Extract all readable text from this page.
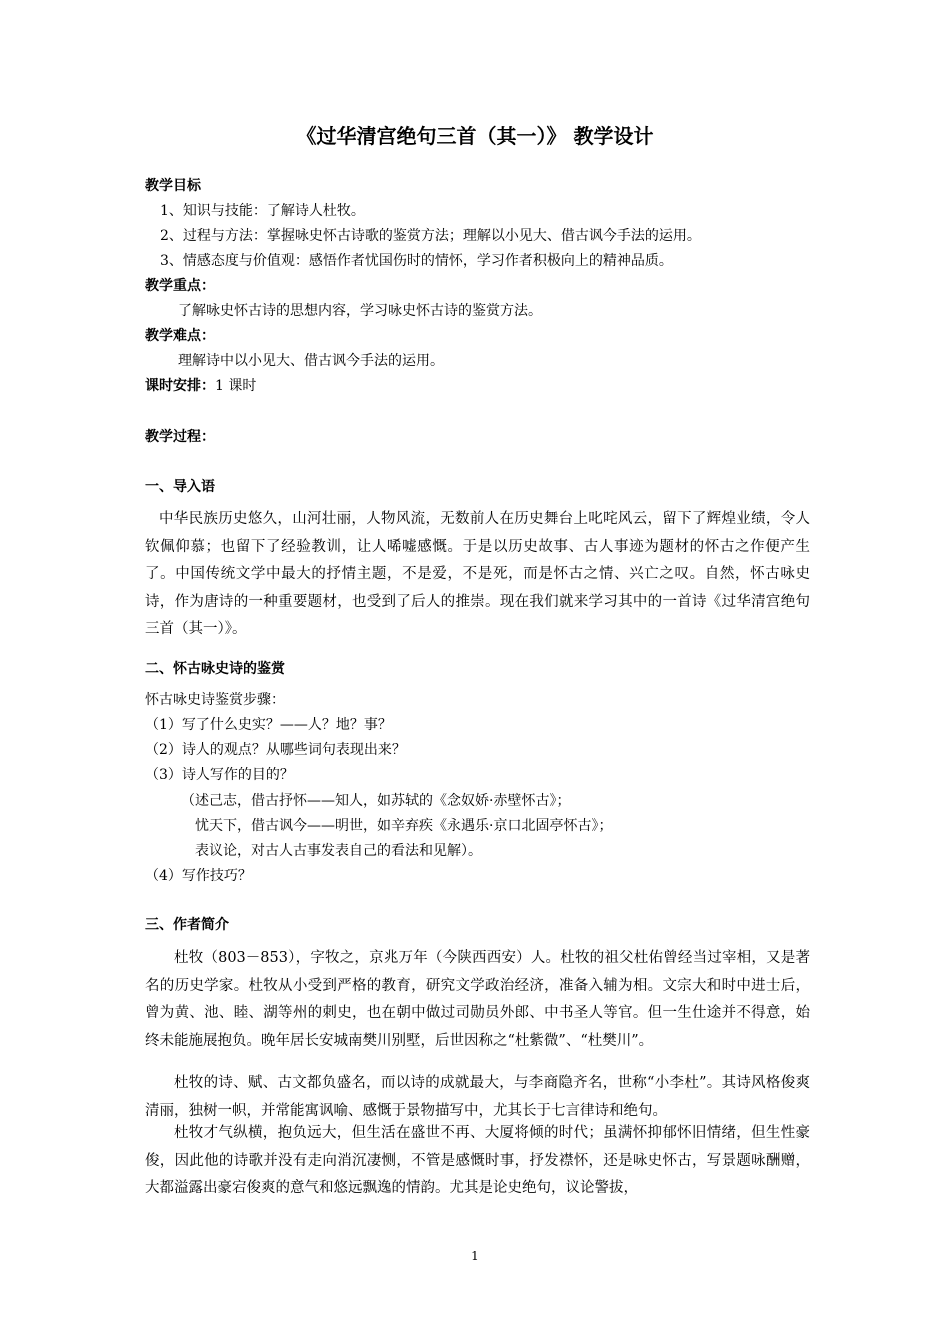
《过华清宫绝句三首（其一）》 教学设计
教学目标
1、知识与技能：了解诗人杜牧。
2、过程与方法：掌握咏史怀古诗歌的鉴赏方法；理解以小见大、借古讽今手法的运用。
3、情感态度与价值观：感悟作者忧国伤时的情怀，学习作者积极向上的精神品质。
教学重点：
了解咏史怀古诗的思想内容，学习咏史怀古诗的鉴赏方法。
教学难点：
理解诗中以小见大、借古讽今手法的运用。
课时安排：1 课时
教学过程：
一、导入语
中华民族历史悠久，山河壮丽，人物风流，无数前人在历史舞台上叱咤风云，留下了辉煌业绩，令人钦佩仰慕；也留下了经验教训，让人唏嘘感慨。于是以历史故事、古人事迹为题材的怀古之作便产生了。中国传统文学中最大的抒情主题，不是爱，不是死，而是怀古之情、兴亡之叹。自然，怀古咏史诗，作为唐诗的一种重要题材，也受到了后人的推崇。现在我们就来学习其中的一首诗《过华清宫绝句三首（其一）》。
二、怀古咏史诗的鉴赏
怀古咏史诗鉴赏步骤：
（1）写了什么史实？——人？地？事？
（2）诗人的观点？从哪些词句表现出来？
（3）诗人写作的目的？
（述己志，借古抒怀——知人，如苏轼的《念奴娇·赤壁怀古》；
忧天下，借古讽今——明世，如辛弃疾《永遇乐·京口北固亭怀古》；
表议论，对古人古事发表自己的看法和见解）。
（4）写作技巧？
三、作者简介
杜牧（803－853），字牧之，京兆万年（今陕西西安）人。杜牧的祖父杜佑曾经当过宰相，又是著名的历史学家。杜牧从小受到严格的教育，研究文学政治经济，准备入辅为相。文宗大和时中进士后，曾为黄、池、睦、湖等州的刺史，也在朝中做过司勋员外郎、中书圣人等官。但一生仕途并不得意，始终未能施展抱负。晚年居长安城南樊川别墅，后世因称之“杜紫微”、“杜樊川”。
杜牧的诗、赋、古文都负盛名，而以诗的成就最大，与李商隐齐名，世称“小李杜”。其诗风格俊爽清丽，独树一帜，并常能寓讽喻、感慨于景物描写中，尤其长于七言律诗和绝句。
杜牧才气纵横，抱负远大，但生活在盛世不再、大厦将倾的时代；虽满怀抑郁怀旧情绪，但生性豪俊，因此他的诗歌并没有走向消沉凄恻，不管是感慨时事，抒发襟怀，还是咏史怀古，写景题咏酬赠，大都溢露出豪宕俊爽的意气和悠远飘逸的情韵。尤其是论史绝句，议论警拔，
1
